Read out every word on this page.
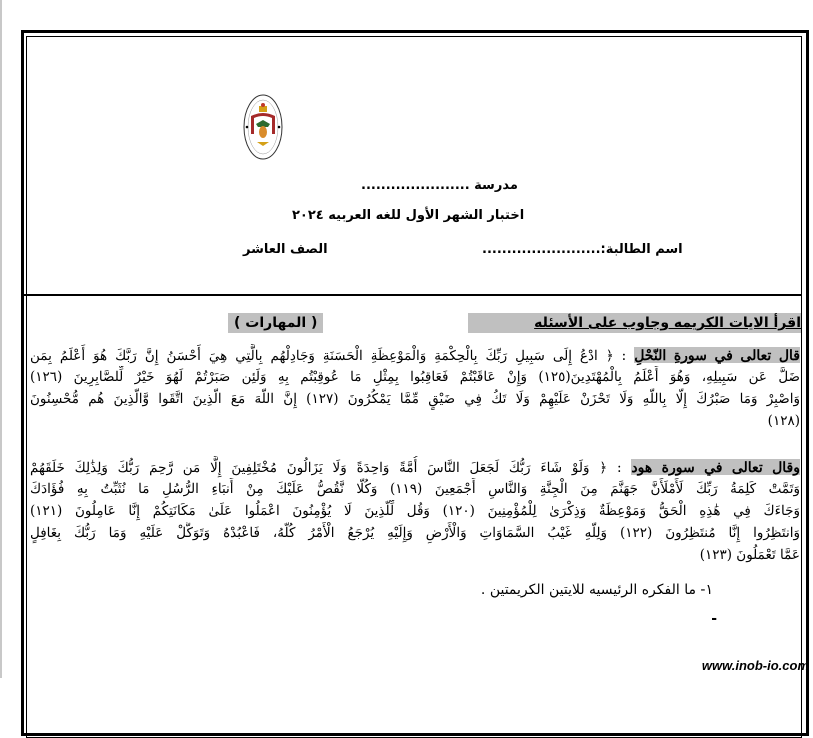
مدرسة ......................
اختبار الشهر الأول للغه العربيه ٢٠٢٤
اسم الطالبة:........................
الصف العاشر
اقرأ الايات الكريمه وجاوب على الأسئله
( المهارات )
قال تعالى في سورةِ النّحْلِ : ﴿ ادْعُ إِلَى سَبِيلِ رَبِّكَ بِالْحِكْمَةِ وَالْمَوْعِظَةِ الْحَسَنَةِ وَجَادِلْهُم بِالَّتِي هِيَ أَحْسَنُ إِنَّ رَبَّكَ هُوَ أَعْلَمُ بِمَن
ضَلَّ عَن سَبِيلِهِ، وَهُوَ أَعْلَمُ بِالْمُهْتَدِينَ(١٢٥) وَإِنْ عَاقَبْتُمْ فَعَاقِبُوا بِمِثْلِ مَا عُوقِبْتُم بِهِ وَلَئِن صَبَرْتُمْ لَهُوَ خَيْرٌ لِّلصَّابِرِينَ (١٢٦)
وَاصْبِرْ وَمَا صَبْرُكَ إِلَّا بِاللَّهِ وَلَا تَحْزَنْ عَلَيْهِمْ وَلَا تَكُ فِي ضَيْقٍ مِّمَّا يَمْكُرُونَ (١٢٧) إِنَّ اللَّهَ مَعَ الَّذِينَ اتَّقَوا وَّالَّذِينَ هُم مُّحْسِنُونَ
(١٢٨)
وقال تعالى في سورة هود : ﴿ وَلَوْ شَاءَ رَبُّكَ لَجَعَلَ النَّاسَ أُمَّةً وَاحِدَةً وَلَا يَزَالُونَ مُخْتَلِفِينَ إِلَّا مَن رَّحِمَ رَبُّكَ وَلِذَٰلِكَ خَلَقَهُمْ
وَتَمَّتْ كَلِمَةُ رَبِّكَ لَأَمْلَأَنَّ جَهَنَّمَ مِنَ الْجِنَّةِ وَالنَّاسِ أَجْمَعِينَ (١١٩) وَكُلًّا نَّقُصُّ عَلَيْكَ مِنْ أَنبَاءِ الرُّسُلِ مَا نُثَبِّتُ بِهِ فُؤَادَكَ
وَجَاءَكَ فِي هَٰذِهِ الْحَقُّ وَمَوْعِظَةٌ وَذِكْرَىٰ لِلْمُؤْمِنِينَ (١٢٠) وَقُل لِّلَّذِينَ لَا يُؤْمِنُونَ اعْمَلُوا عَلَىٰ مَكَانَتِكُمْ إِنَّا عَامِلُونَ (١٢١)
وَانتَظِرُوا إِنَّا مُنتَظِرُونَ (١٢٢) وَلِلَّهِ غَيْبُ السَّمَاوَاتِ وَالْأَرْضِ وَإِلَيْهِ يُرْجَعُ الْأَمْرُ كُلُّهُ، فَاعْبُدْهُ وَتَوَكَّلْ عَلَيْهِ وَمَا رَبُّكَ بِغَافِلٍ
عَمَّا تَعْمَلُونَ (١٢٣)
١- ما الفكره الرئيسيه للايتين الكريمتين .
-
www.inob-io.com
